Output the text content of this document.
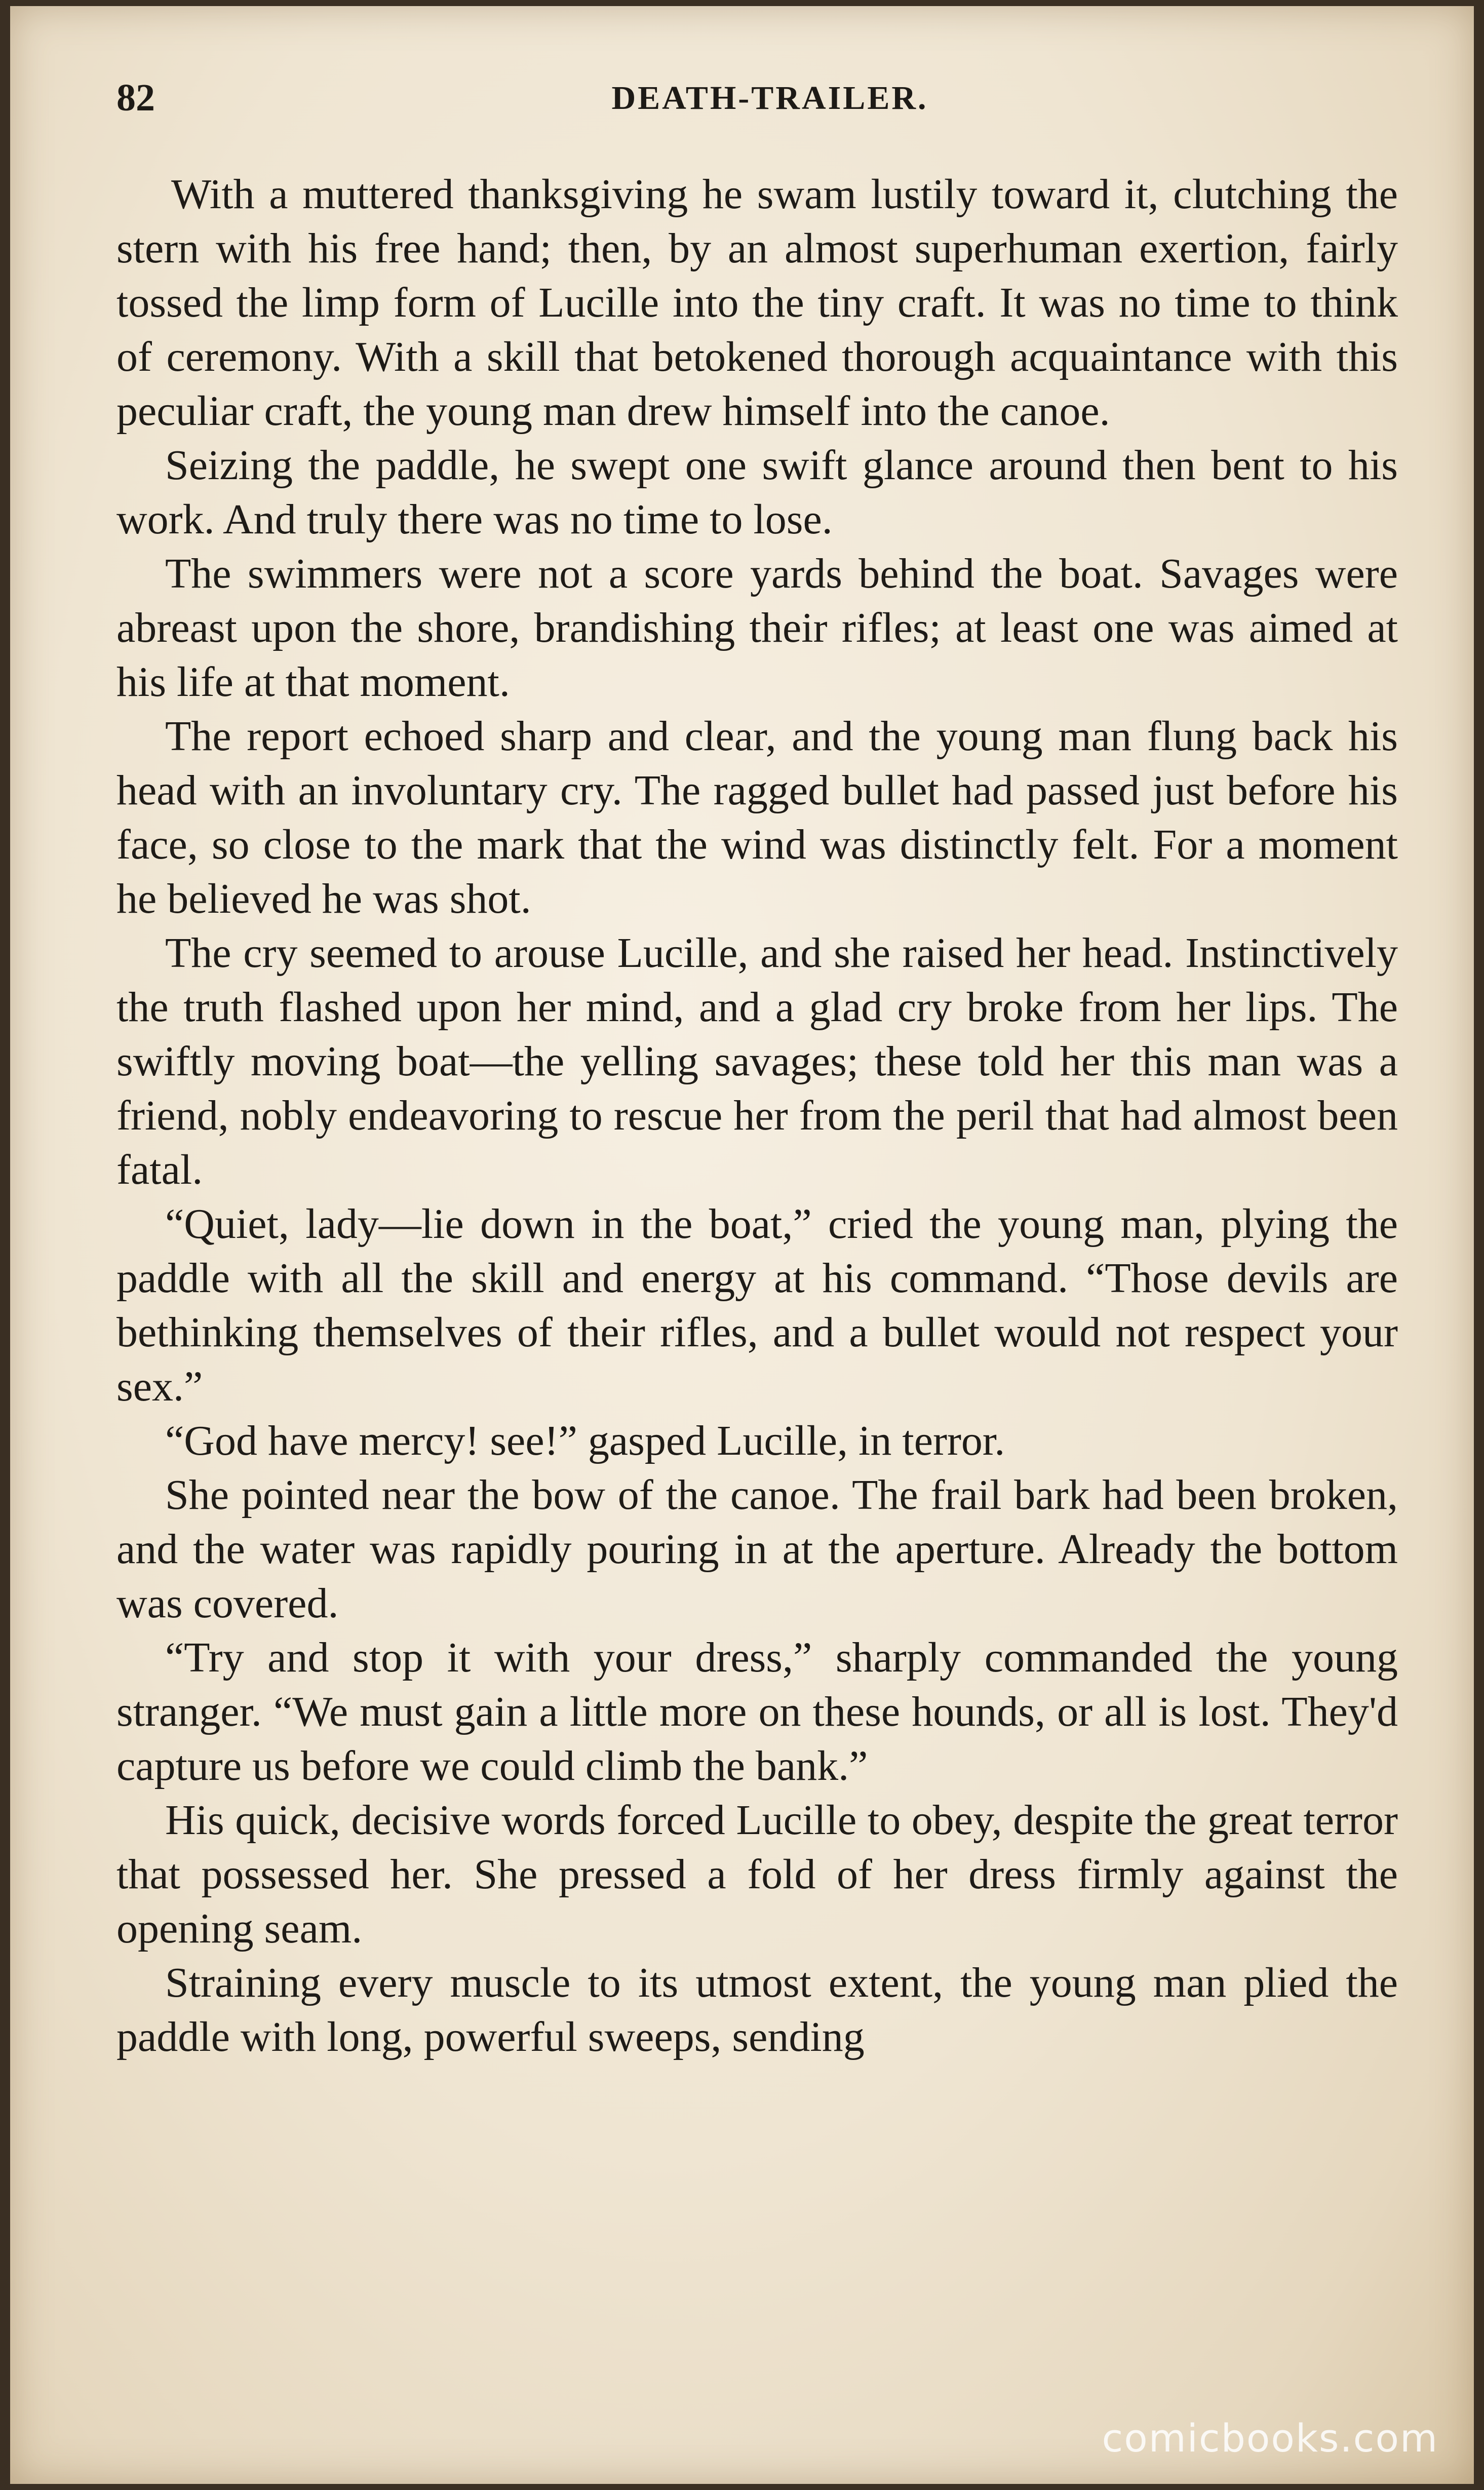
82	DEATH-TRAILER.

With a muttered thanksgiving he swam lustily toward it, clutching the stern with his free hand; then, by an almost superhuman exertion, fairly tossed the limp form of Lucille into the tiny craft. It was no time to think of ceremony. With a skill that betokened thorough acquaintance with this peculiar craft, the young man drew himself into the canoe.

Seizing the paddle, he swept one swift glance around then bent to his work. And truly there was no time to lose.

The swimmers were not a score yards behind the boat. Savages were abreast upon the shore, brandishing their rifles; at least one was aimed at his life at that moment.

The report echoed sharp and clear, and the young man flung back his head with an involuntary cry. The ragged bullet had passed just before his face, so close to the mark that the wind was distinctly felt. For a moment he believed he was shot.

The cry seemed to arouse Lucille, and she raised her head. Instinctively the truth flashed upon her mind, and a glad cry broke from her lips. The swiftly moving boat—the yelling savages; these told her this man was a friend, nobly endeavoring to rescue her from the peril that had almost been fatal.

“Quiet, lady—lie down in the boat,” cried the young man, plying the paddle with all the skill and energy at his command. “Those devils are bethinking themselves of their rifles, and a bullet would not respect your sex.”

“God have mercy! see!” gasped Lucille, in terror.

She pointed near the bow of the canoe. The frail bark had been broken, and the water was rapidly pouring in at the aperture. Already the bottom was covered.

“Try and stop it with your dress,” sharply commanded the young stranger. “We must gain a little more on these hounds, or all is lost. They'd capture us before we could climb the bank.”

His quick, decisive words forced Lucille to obey, despite the great terror that possessed her. She pressed a fold of her dress firmly against the opening seam.

Straining every muscle to its utmost extent, the young man plied the paddle with long, powerful sweeps, sending

comicbooks.com
